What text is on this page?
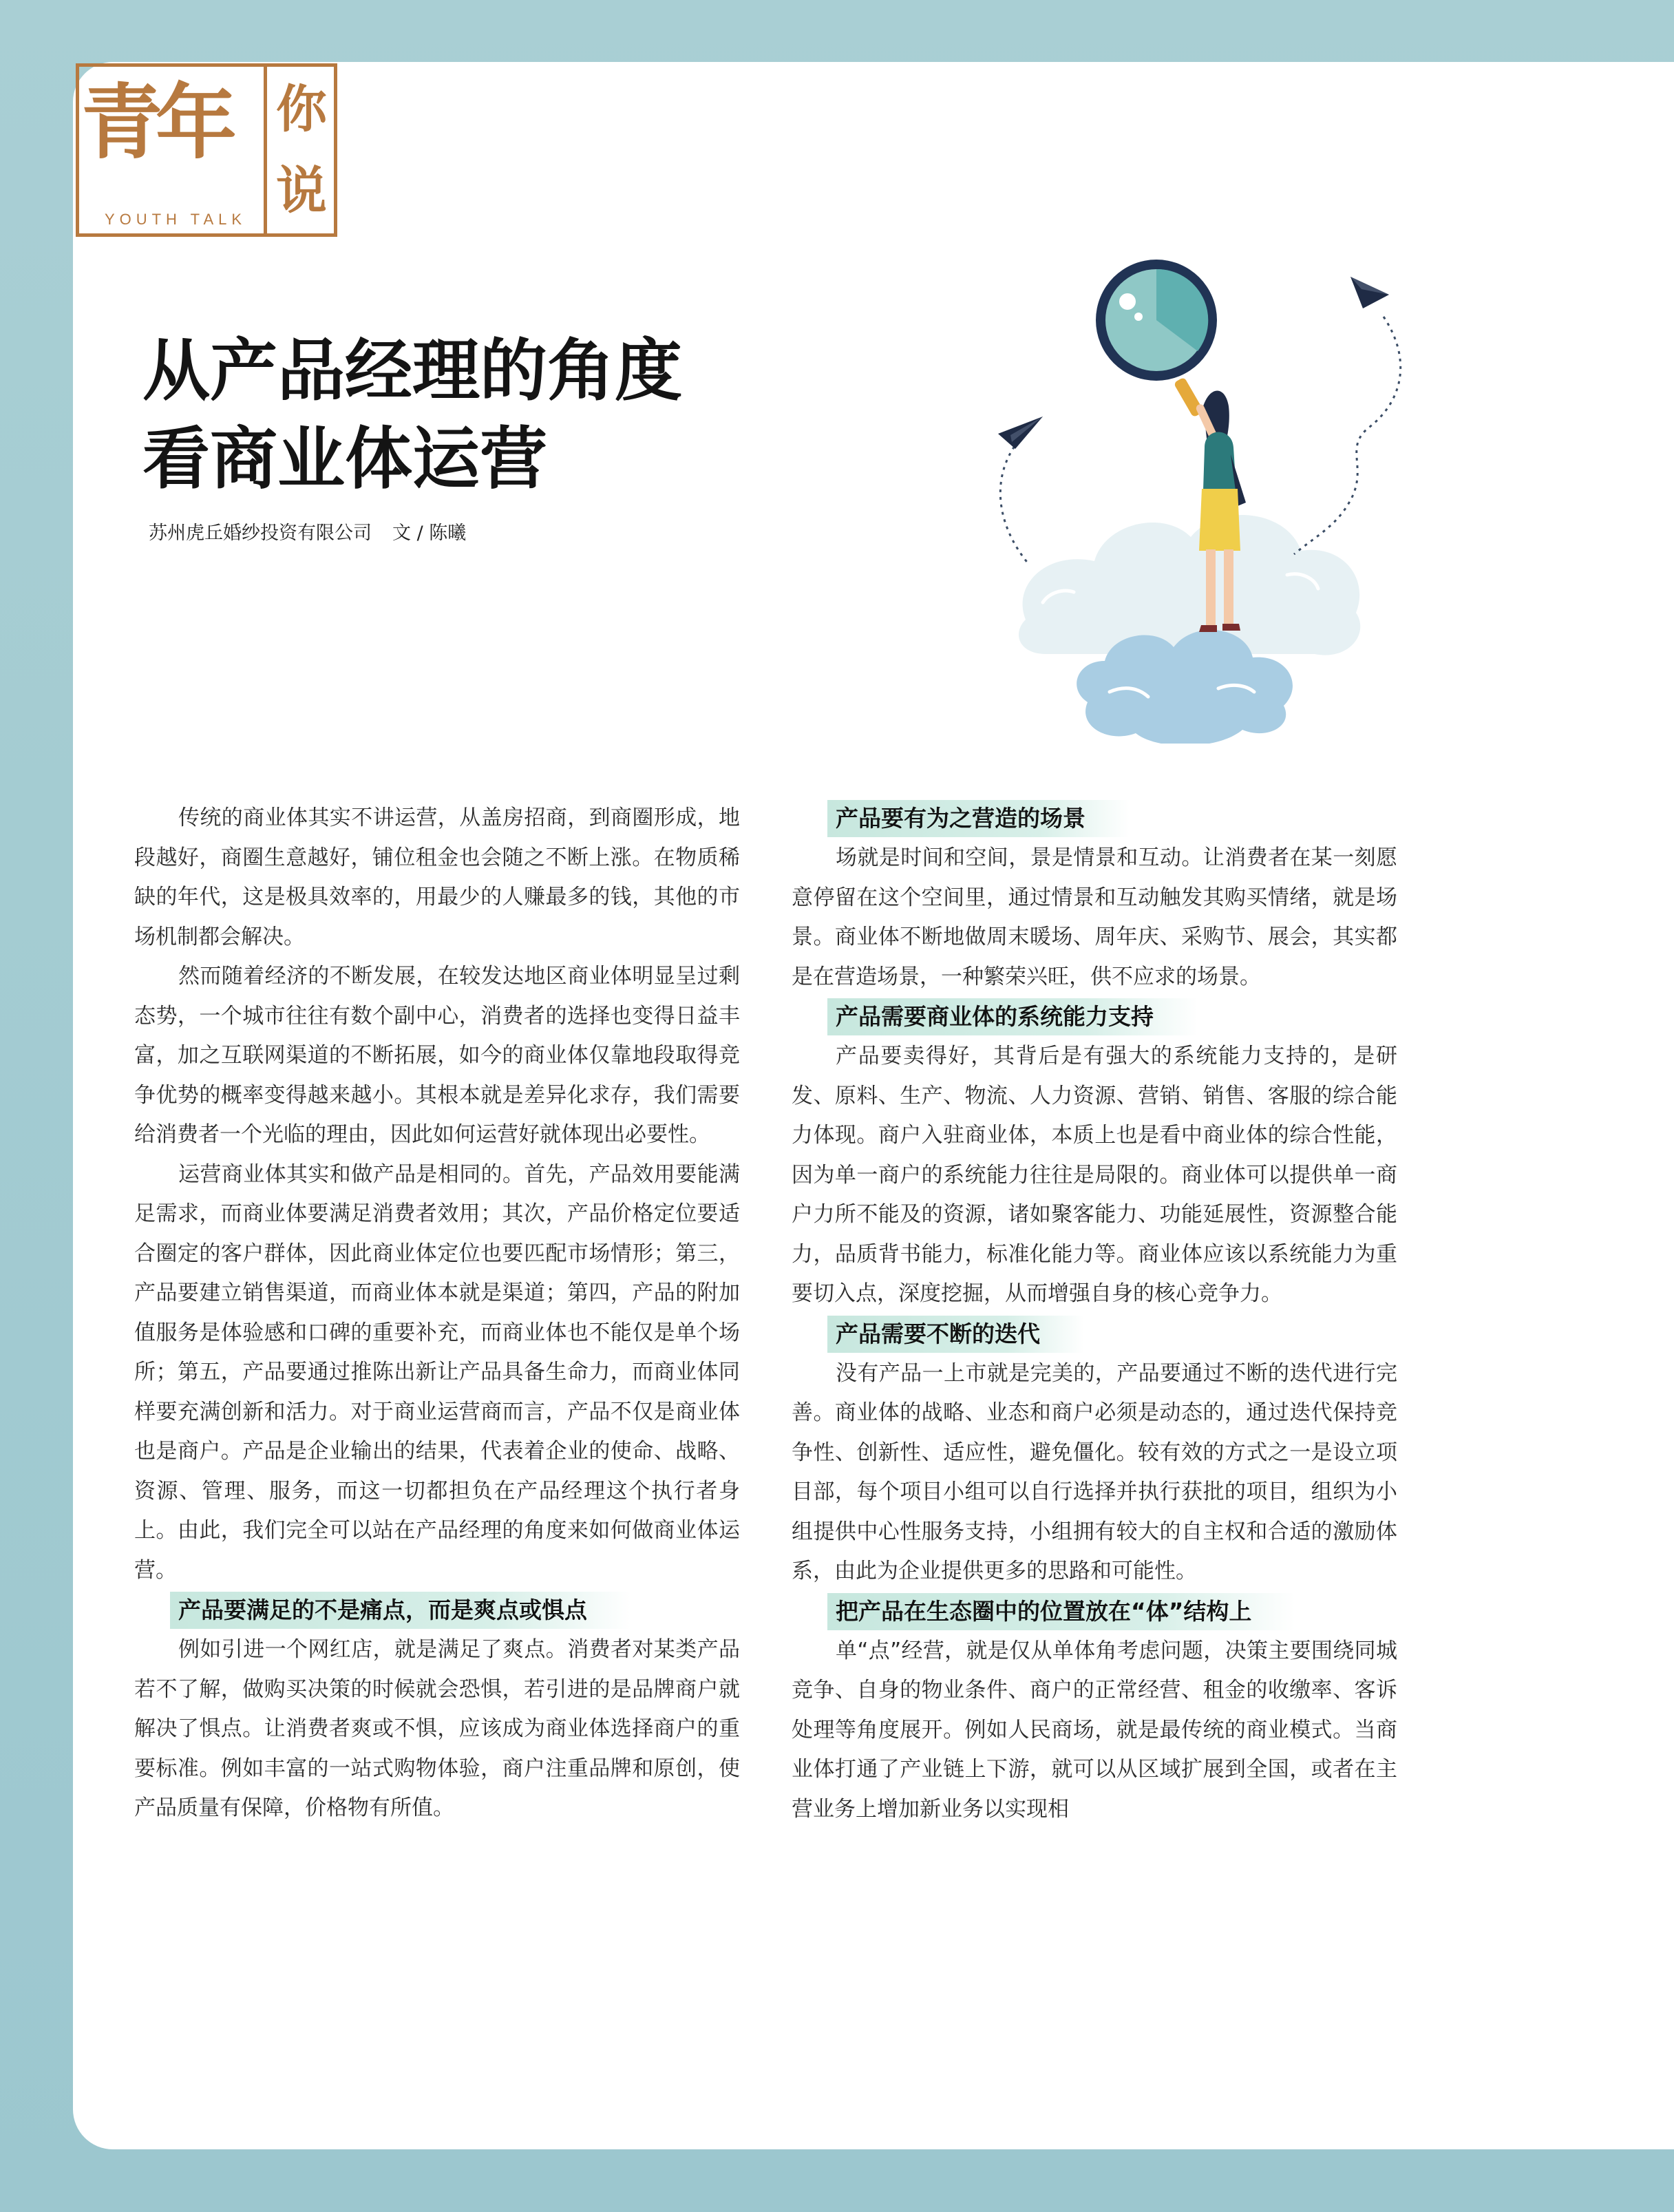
青年 你
说
YOUTH TALK
从产品经理的角度
看商业体运营
苏州虎丘婚纱投资有限公司 文 / 陈曦

传统的商业体其实不讲运营，从盖房招商，到商圈形成，地段越好，商圈生意越好，铺位租金也会随之不断上涨。在物质稀缺的年代，这是极具效率的，用最少的人赚最多的钱，其他的市场机制都会解决。

然而随着经济的不断发展，在较发达地区商业体明显呈过剩态势，一个城市往往有数个副中心，消费者的选择也变得日益丰富，加之互联网渠道的不断拓展，如今的商业体仅靠地段取得竞争优势的概率变得越来越小。其根本就是差异化求存，我们需要给消费者一个光临的理由，因此如何运营好就体现出必要性。

运营商业体其实和做产品是相同的。首先，产品效用要能满足需求，而商业体要满足消费者效用；其次，产品价格定位要适合圈定的客户群体，因此商业体定位也要匹配市场情形；第三，产品要建立销售渠道，而商业体本就是渠道；第四，产品的附加值服务是体验感和口碑的重要补充，而商业体也不能仅是单个场所；第五，产品要通过推陈出新让产品具备生命力，而商业体同样要充满创新和活力。对于商业运营商而言，产品不仅是商业体也是商户。产品是企业输出的结果，代表着企业的使命、战略、资源、管理、服务，而这一切都担负在产品经理这个执行者身上。由此，我们完全可以站在产品经理的角度来如何做商业体运营。

产品要满足的不是痛点，而是爽点或惧点

例如引进一个网红店，就是满足了爽点。消费者对某类产品若不了解，做购买决策的时候就会恐惧，若引进的是品牌商户就解决了惧点。让消费者爽或不惧，应该成为商业体选择商户的重要标准。例如丰富的一站式购物体验，商户注重品牌和原创，使产品质量有保障，价格物有所值。

产品要有为之营造的场景

场就是时间和空间，景是情景和互动。让消费者在某一刻愿意停留在这个空间里，通过情景和互动触发其购买情绪，就是场景。商业体不断地做周末暖场、周年庆、采购节、展会，其实都是在营造场景，一种繁荣兴旺，供不应求的场景。

产品需要商业体的系统能力支持

产品要卖得好，其背后是有强大的系统能力支持的，是研发、原料、生产、物流、人力资源、营销、销售、客服的综合能力体现。商户入驻商业体，本质上也是看中商业体的综合性能，因为单一商户的系统能力往往是局限的。商业体可以提供单一商户力所不能及的资源，诸如聚客能力、功能延展性，资源整合能力，品质背书能力，标准化能力等。商业体应该以系统能力为重要切入点，深度挖掘，从而增强自身的核心竞争力。

产品需要不断的迭代

没有产品一上市就是完美的，产品要通过不断的迭代进行完善。商业体的战略、业态和商户必须是动态的，通过迭代保持竞争性、创新性、适应性，避免僵化。较有效的方式之一是设立项目部，每个项目小组可以自行选择并执行获批的项目，组织为小组提供中心性服务支持，小组拥有较大的自主权和合适的激励体系，由此为企业提供更多的思路和可能性。

把产品在生态圈中的位置放在“体”结构上

单“点”经营，就是仅从单体角考虑问题，决策主要围绕同城竞争、自身的物业条件、商户的正常经营、租金的收缴率、客诉处理等角度展开。例如人民商场，就是最传统的商业模式。当商业体打通了产业链上下游，就可以从区域扩展到全国，或者在主营业务上增加新业务以实现相
